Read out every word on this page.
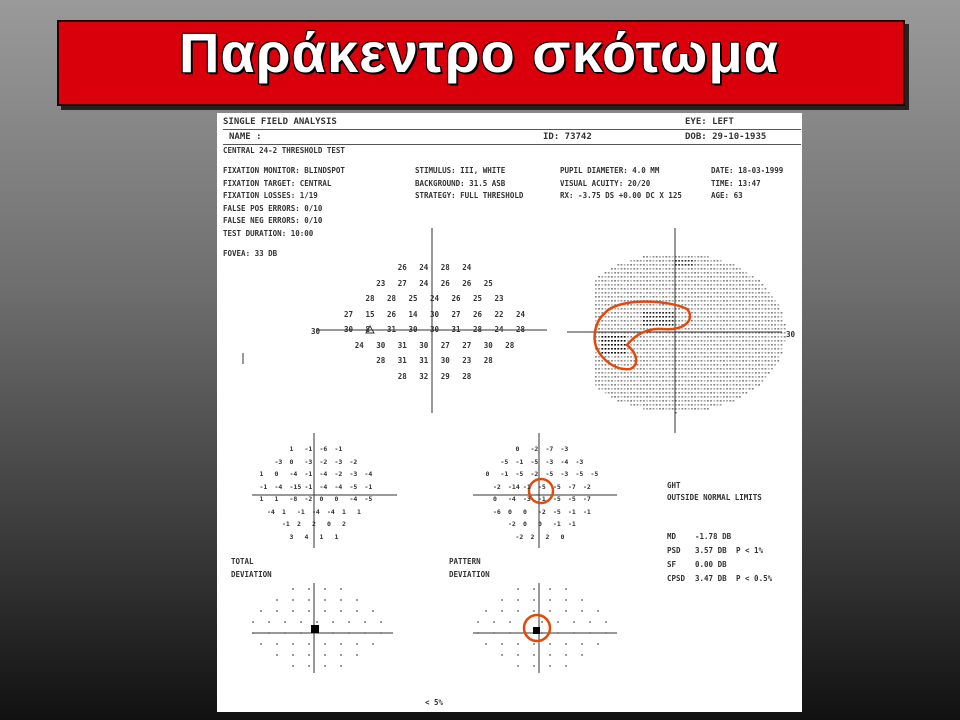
Παράκεντρο σκότωμα
SINGLE FIELD ANALYSIS	EYE: LEFT
NAME :	ID: 73742	DOB: 29-10-1935
CENTRAL 24-2 THRESHOLD TEST
FIXATION MONITOR: BLINDSPOT
FIXATION TARGET: CENTRAL
FIXATION LOSSES: 1/19
FALSE POS ERRORS: 0/10
FALSE NEG ERRORS: 0/10
TEST DURATION: 10:00
STIMULUS: III, WHITE
BACKGROUND: 31.5 ASB
STRATEGY: FULL THRESHOLD
PUPIL DIAMETER: 4.0 MM
VISUAL ACUITY: 20/20
RX: -3.75 DS +0.00 DC X 125
DATE: 18-03-1999
TIME: 13:47
AGE: 63
FOVEA: 33 DB
26 24 28 24
23 27 24 26 26 25
28 28 25 24 26 25 23
27 15 26 14 30 27 26 22 24
30 8 31 30 30 31 28 24 28
24 30 31 30 27 27 30 28
28 31 31 30 23 28
28 32 29 28
30	30
1 -1 -6 -1
-3 0 -3 -2 -3 -2
1 0 -4 -1 -4 -2 -3 -4
-1 -4 -15 -1 -4 -4 -5 -1
1 1 -8 -2 0 0 -4 -5
-4 1 -1 -4 -4 1 1
-1 2 2 0 2
3 4 1 1
0 -2 -7 -3
-5 -1 -5 -3 -4 -3
0 -1 -5 -2 -5 -3 -5 -5
-2 -14 -1 -5 -5 -7 -2
0 -4 -3 -1 -5 -5 -7
-6 0 0 -2 -5 -1 -1
-2 0 0 -1 -1
-2 2 2 0
TOTAL
DEVIATION
PATTERN
DEVIATION
GHT
OUTSIDE NORMAL LIMITS
MD	-1.78 DB
PSD 3.57 DB P < 1%
SF	0.00 DB
CPSD 3.47 DB P < 0.5%
< 5%
